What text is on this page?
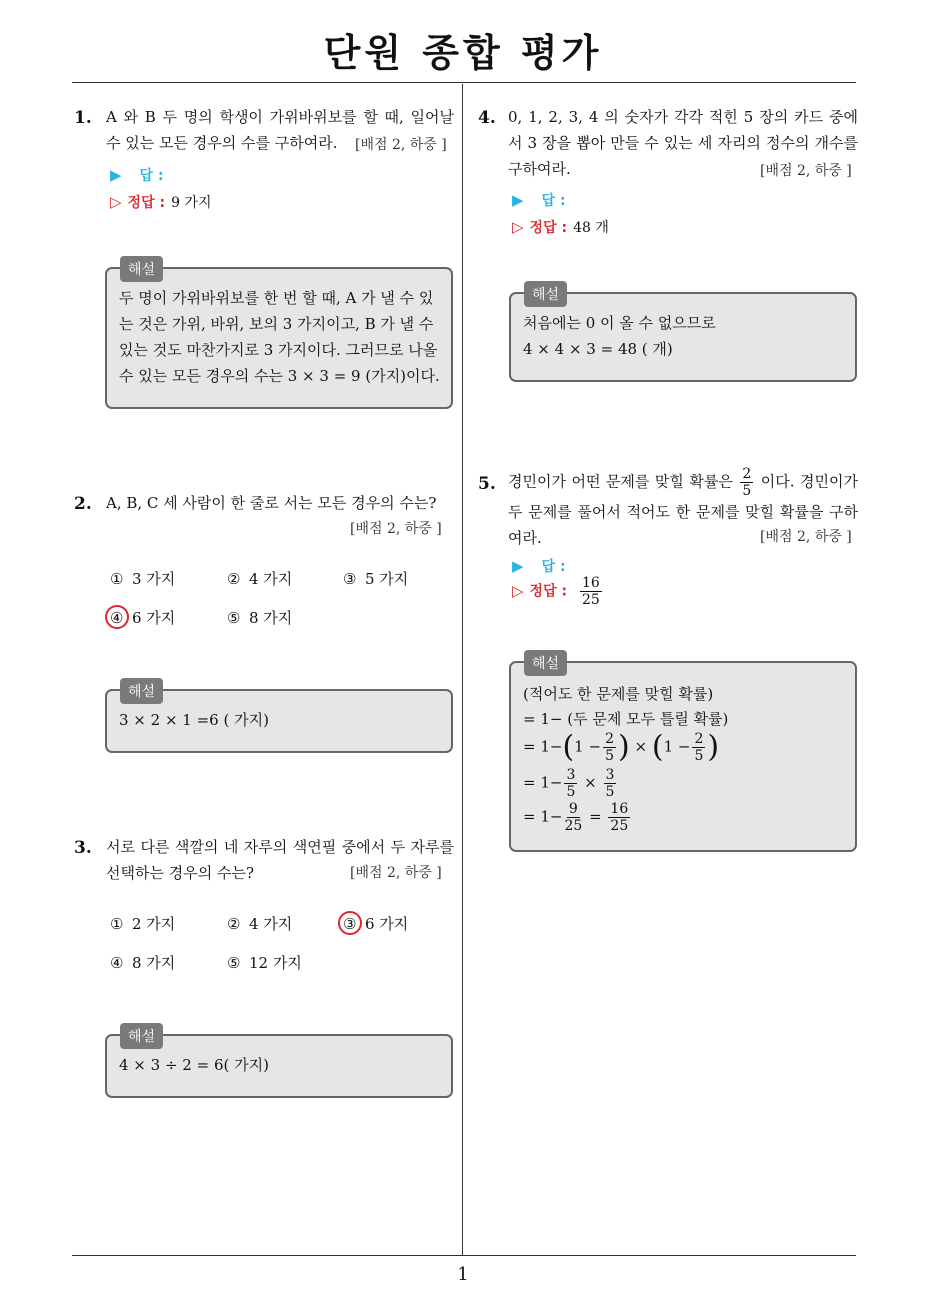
단원 종합 평가
1
1. A 와 B 두 명의 학생이 가위바위보를 할 때, 일어날 수 있는 모든 경우의 수를 구하여라.	[배점 2, 하중 ]
▶ 답 :
▷ 정답 : 9 가지
두 명이 가위바위보를 한 번 할 때, A 가 낼 수 있는 것은 가위, 바위, 보의 3 가지이고, B 가 낼 수 있는 것도 마찬가지로 3 가지이다. 그러므로 나올 수 있는 모든 경우의 수는 3 × 3 = 9 (가지)이다.
해설
2. A, B, C 세 사람이 한 줄로 서는 모든 경우의 수는?
[배점 2, 하중 ]
① 3 가지	② 4 가지	③ 5 가지
④ 6 가지	⑤ 8 가지
3 × 2 × 1 =6 ( 가지)
해설
3. 서로 다른 색깔의 네 자루의 색연필 중에서 두 자루를 선택하는 경우의 수는?	[배점 2, 하중 ]
① 2 가지	② 4 가지	③ 6 가지
④ 8 가지	⑤ 12 가지
4 × 3 ÷ 2 = 6( 가지)
해설
4. 0, 1, 2, 3, 4 의 숫자가 각각 적힌 5 장의 카드 중에서 3 장을 뽑아 만들 수 있는 세 자리의 정수의 개수를 구하여라.	[배점 2, 하중 ]
▶ 답 :
▷ 정답 : 48 개
처음에는 0 이 올 수 없으므로
4 × 4 × 3 = 48 ( 개)
해설
5. 경민이가 어떤 문제를 맞힐 확률은 $\frac{2}{5}$ 이다. 경민이가 두 문제를 풀어서 적어도 한 문제를 맞힐 확률을 구하여라.	[배점 2, 하중 ]
▶ 답 :
▷ 정답 : $\frac{16}{25}$
(적어도 한 문제를 맞힐 확률)
= 1− (두 문제 모두 틀릴 확률)
= $1-(1 - \frac{2}{5}$ ) × ($1 - \frac{2}{5}$ )
= $1- \frac{3}{5} \times \frac{3}{5}$
= $1- \frac{9}{25} = \frac{16}{25}$
해설
